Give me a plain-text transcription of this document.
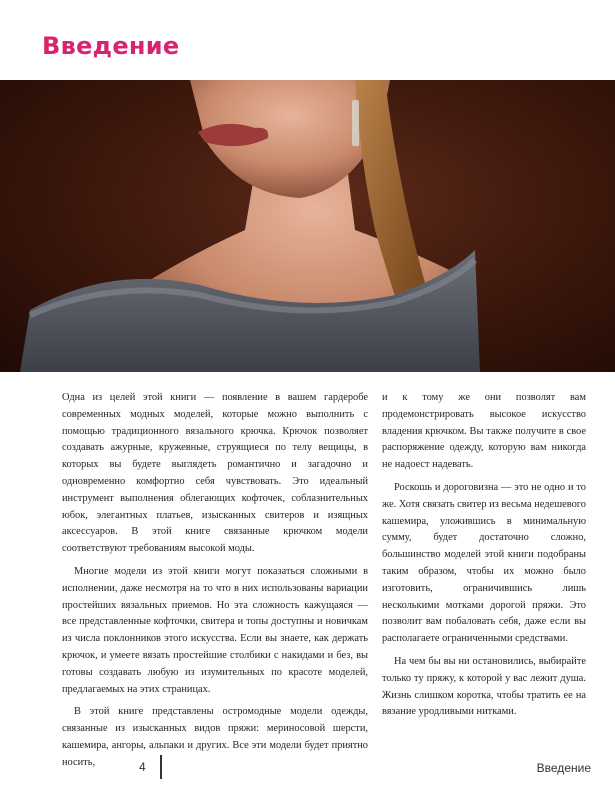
Введение

Одна из целей этой книги — появление в вашем гардеробе современных модных моделей, которые можно выполнить с помощью традиционного вязального крючка. Крючок позволяет создавать ажурные, кружевные, струящиеся по телу вещицы, в которых вы будете выглядеть романтично и загадочно и одновременно комфортно себя чувствовать. Это идеальный инструмент выполнения облегающих кофточек, соблазнительных юбок, элегантных платьев, изысканных свитеров и изящных аксессуаров. В этой книге связанные крючком модели соответствуют требованиям высокой моды.

Многие модели из этой книги могут показаться сложными в исполнении, даже несмотря на то что в них использованы вариации простейших вязальных приемов. Но эта сложность кажущаяся — все представленные кофточки, свитера и топы доступны и новичкам из числа поклонников этого искусства. Если вы знаете, как держать крючок, и умеете вязать простейшие столбики с накидами и без, вы готовы создавать любую из изумительных по красоте моделей, предлагаемых на этих страницах.

В этой книге представлены остромодные модели одежды, связанные из изысканных видов пряжи: мериносовой шерсти, кашемира, ангоры, альпаки и других. Все эти модели будет приятно носить,

и к тому же они позволят вам продемонстрировать высокое искусство владения крючком. Вы также получите в свое распоряжение одежду, которую вам никогда не надоест надевать.

Роскошь и дороговизна — это не одно и то же. Хотя связать свитер из весьма недешевого кашемира, уложившись в минимальную сумму, будет достаточно сложно, большинство моделей этой книги подобраны таким образом, чтобы их можно было изготовить, ограничившись лишь несколькими мотками дорогой пряжи. Это позволит вам побаловать себя, даже если вы располагаете ограниченными средствами.

На чем бы вы ни остановились, выбирайте только ту пряжу, к которой у вас лежит душа. Жизнь слишком коротка, чтобы тратить ее на вязание уродливыми нитками.

4	Введение
